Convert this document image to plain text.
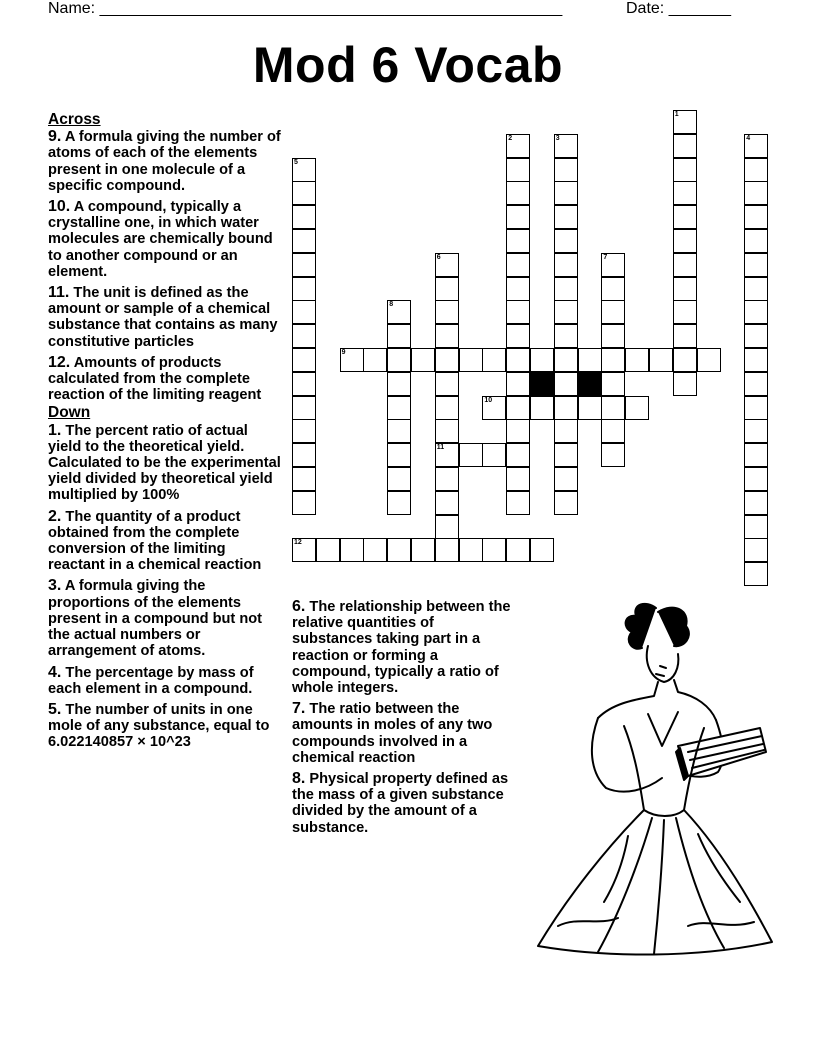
Name: ____________________________________________________	Date: _______
Mod 6 Vocab
1
2	3	4
5
6
11
7
8
9
10
12
Across
9. A formula giving the number of atoms of each of the elements present in one molecule of a specific compound.
10. A compound, typically a crystalline one, in which water molecules are chemically bound to another compound or an element.
11. The unit is defined as the amount or sample of a chemical substance that contains as many constitutive particles
12. Amounts of products calculated from the complete reaction of the limiting reagent
Down
1. The percent ratio of actual yield to the theoretical yield. Calculated to be the experimental yield divided by theoretical yield multiplied by 100%
2. The quantity of a product obtained from the complete conversion of the limiting reactant in a chemical reaction
3. A formula giving the proportions of the elements present in a compound but not the actual numbers or arrangement of atoms.
4. The percentage by mass of each element in a compound.
5. The number of units in one mole of any substance, equal to 6.022140857 × 10^23
6. The relationship between the relative quantities of substances taking part in a reaction or forming a compound, typically a ratio of whole integers.
7. The ratio between the amounts in moles of any two compounds involved in a chemical reaction
8. Physical property defined as the mass of a given substance divided by the amount of a substance.
